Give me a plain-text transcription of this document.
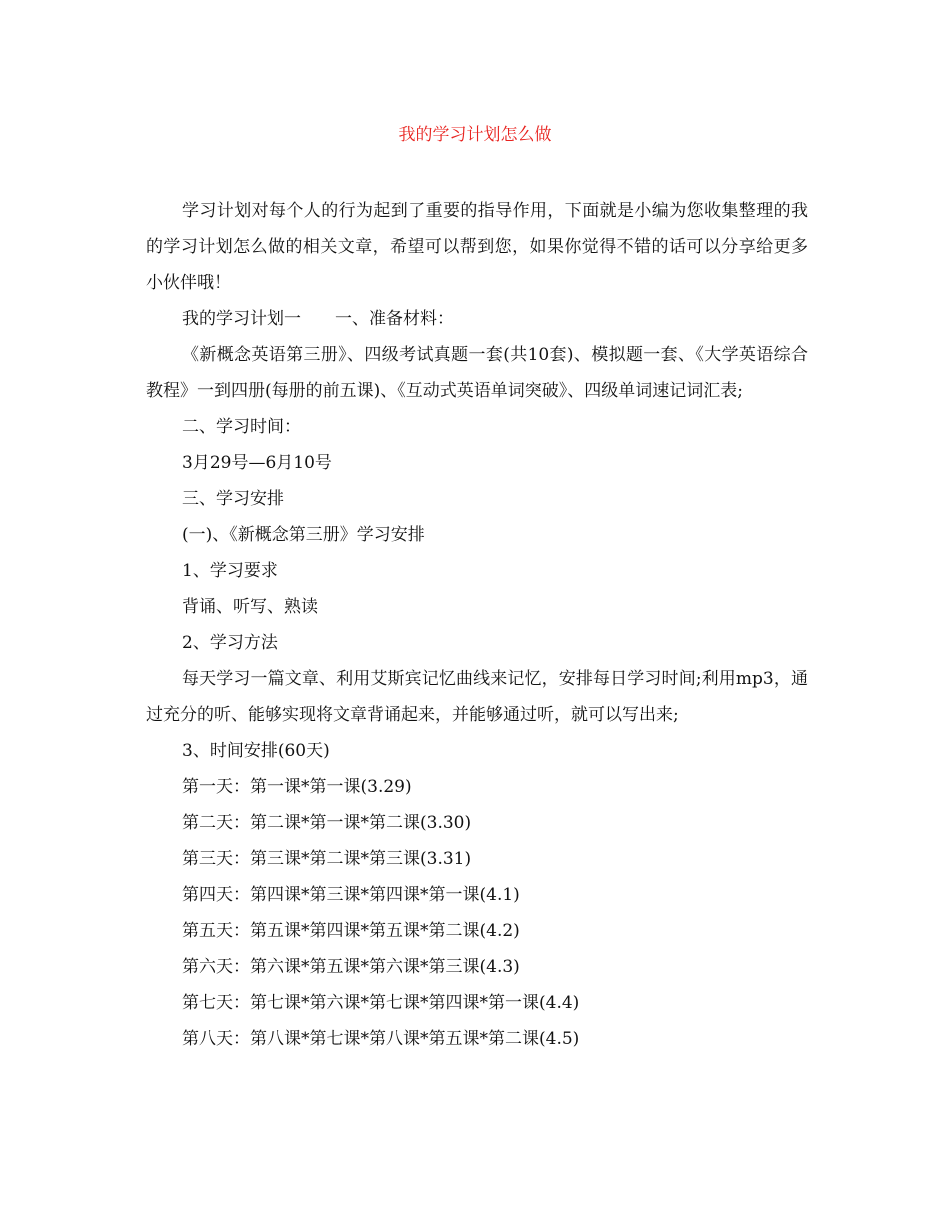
我的学习计划怎么做

学习计划对每个人的行为起到了重要的指导作用，下面就是小编为您收集整理的我的学习计划怎么做的相关文章，希望可以帮到您，如果你觉得不错的话可以分享给更多小伙伴哦！

我的学习计划一　　一、准备材料：

《新概念英语第三册》、四级考试真题一套(共10套)、模拟题一套、《大学英语综合教程》一到四册(每册的前五课)、《互动式英语单词突破》、四级单词速记词汇表;

二、学习时间：

3月29号—6月10号

三、学习安排

(一)、《新概念第三册》学习安排

1、学习要求

背诵、听写、熟读

2、学习方法

每天学习一篇文章、利用艾斯宾记忆曲线来记忆，安排每日学习时间;利用mp3，通过充分的听、能够实现将文章背诵起来，并能够通过听，就可以写出来;

3、时间安排(60天)

第一天：第一课*第一课(3.29)

第二天：第二课*第一课*第二课(3.30)

第三天：第三课*第二课*第三课(3.31)

第四天：第四课*第三课*第四课*第一课(4.1)

第五天：第五课*第四课*第五课*第二课(4.2)

第六天：第六课*第五课*第六课*第三课(4.3)

第七天：第七课*第六课*第七课*第四课*第一课(4.4)

第八天：第八课*第七课*第八课*第五课*第二课(4.5)
